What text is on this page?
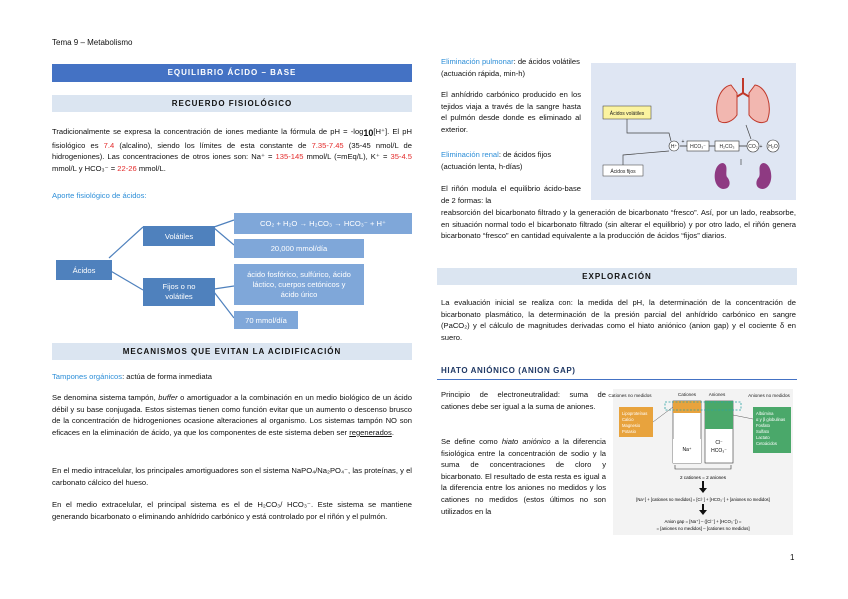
Tema 9 – Metabolismo
EQUILIBRIO ÁCIDO – BASE
RECUERDO FISIOLÓGICO
Tradicionalmente se expresa la concentración de iones mediante la fórmula de pH = -log10[H⁺]. El pH fisiológico es 7.4 (alcalino), siendo los límites de esta constante de 7.35-7.45 (35-45 nmol/L de hidrogeniones). Las concentraciones de otros iones son: Na⁺ = 135-145 mmol/L (=mEq/L), K⁺ = 35-4.5 mmol/L y HCO₃⁻ = 22-26 mmol/L.
Aporte fisiológico de ácidos:
Ácidos
Volátiles
Fijos o no
volátiles
CO₂ + H₂O → H₂CO₃ → HCO₃⁻ + H⁺
20,000 mmol/día
ácido fosfórico, sulfúrico, ácido
láctico, cuerpos cetónicos y
ácido úrico
70 mmol/día
MECANISMOS QUE EVITAN LA ACIDIFICACIÓN
Tampones orgánicos: actúa de forma inmediata
Se denomina sistema tampón, buffer o amortiguador a la combinación en un medio biológico de un ácido débil y su base conjugada. Estos sistemas tienen como función evitar que un aumento o descenso brusco de la concentración de hidrogeniones ocasione alteraciones al organismo. Los sistemas tampón NO son eficaces en la eliminación de ácido, ya que los componentes de este sistema deben ser regenerados.
En el medio intracelular, los principales amortiguadores son el sistema NaPO₄/Na₂PO₄⁻, las proteínas, y el carbonato cálcico del hueso.
En el medio extracelular, el principal sistema es el de H₂CO₃/ HCO₃⁻. Este sistema se mantiene generando bicarbonato o eliminando anhídrido carbónico y está controlado por el riñón y el pulmón.
Eliminación pulmonar: de ácidos volátiles (actuación rápida, min-h)
El anhídrido carbónico producido en los tejidos viaja a través de la sangre hasta el pulmón desde donde es eliminado al exterior.
Eliminación renal: de ácidos fijos (actuación lenta, h-días)
El riñón modula el equilibrio ácido-base de 2 formas: la
reabsorción del bicarbonato filtrado y la generación de bicarbonato “fresco”. Así, por un lado, reabsorbe, en situación normal todo el bicarbonato filtrado (sin alterar el equilibrio) y por otro lado, el riñón genera bicarbonato “fresco” en cantidad equivalente a la producción de ácidos “fijos” diarios.
Ácidos volátiles
Ácidos fijos
H⁺
+
HCO₃⁻	H₂CO₃	CO₂ + H₂O
EXPLORACIÓN
La evaluación inicial se realiza con: la medida del pH, la determinación de la concentración de bicarbonato plasmático, la determinación de la presión parcial del anhídrido carbónico en sangre (PaCO₂) y el cálculo de magnitudes derivadas como el hiato aniónico (anion gap) y el cociente δ en suero.
HIATO ANIÓNICO (ANION GAP)
Principio de electroneutralidad: suma de cationes debe ser igual a la suma de aniones.
Se define como hiato aniónico a la diferencia fisiológica entre la concentración de sodio y la suma de concentraciones de cloro y bicarbonato. El resultado de esta resta es igual a la diferencia entre los aniones no medidos y los cationes no medidos (estos últimos no son utilizados en la
Cationes no medidos	Cationes	Aniones	Aniones no medidos
Lipoproteínas
Calcio
Magnesio
Potasio
Na⁺
Cl⁻
HCO₃⁻
Albúmina
α y β globulinas
Fosfato
Sulfato
Lactato
Cetoácidos
2 cationes = 2 aniones
[Na⁺] + [cationes no medidos] = [Cl⁻] + [HCO₃⁻] + [aniones no medidos]
Anion gap = [Na⁺] – ([Cl⁻] + [HCO₃⁻]) =
= [aniones no medidos] – [cationes no medidos]
1
